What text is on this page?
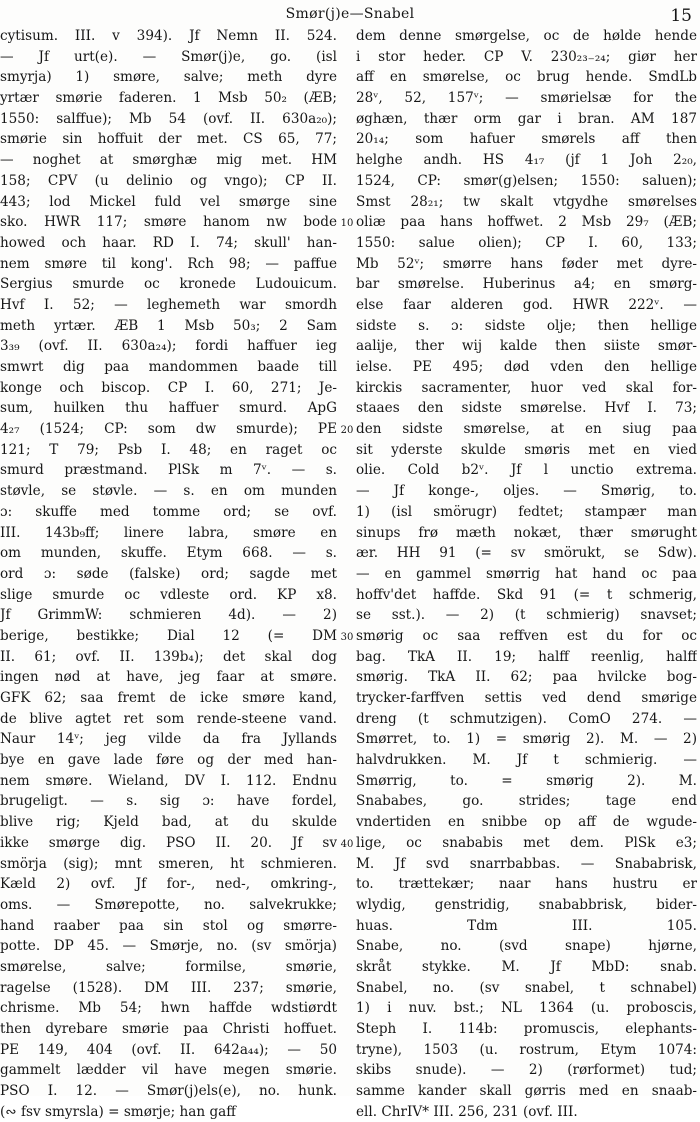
Smør(j)e—Snabel	15
cytisum. III. v 394). Jf Nemn II. 524.
— Jf urt(e). — Smør(j)e, go. (isl
smyrja) 1) smøre, salve; meth dyre
yrtær smørie faderen. 1 Msb 50₂ (ÆB;
1550: salffue); Mb 54 (ovf. II. 630a₂₀);
smørie sin hoffuit der met. CS 65, 77;
— noghet at smørghæ mig met. HM
158; CPV (u delinio og vngo); CP II.
443; lod Mickel fuld vel smørge sine
sko. HWR 117; smøre hanom nw bode
howed och haar. RD I. 74; skull' han-
nem smøre til kong'. Rch 98; — paffue
Sergius smurde oc kronede Ludouicum.
Hvf I. 52; — leghemeth war smordh
meth yrtær. ÆB 1 Msb 50₃; 2 Sam
3₃₉ (ovf. II. 630a₂₄); fordi haffuer ieg
smwrt dig paa mandommen baade till
konge och biscop. CP I. 60, 271; Je-
sum, huilken thu haffuer smurd. ApG
4₂₇ (1524; CP: som dw smurde); PE
121; T 79; Psb I. 48; en raget oc
smurd præstmand. PlSk m 7ᵛ. — s.
støvle, se støvle. — s. en om munden
ɔ: skuffe med tomme ord; se ovf.
III. 143b₉ff; linere labra, smøre en
om munden, skuffe. Etym 668. — s.
ord ɔ: søde (falske) ord; sagde met
slige smurde oc vdleste ord. KP x8.
Jf GrimmW: schmieren 4d). — 2)
berige, bestikke; Dial 12 (= DM
II. 61; ovf. II. 139b₄); det skal dog
ingen nød at have, jeg faar at smøre.
GFK 62; saa fremt de icke smøre kand,
de blive agtet ret som rende-steene vand.
Naur 14ᵛ; jeg vilde da fra Jyllands
bye en gave lade føre og der med han-
nem smøre. Wieland, DV I. 112. Endnu
brugeligt. — s. sig ɔ: have fordel,
blive rig; Kjeld bad, at du skulde
ikke smørge dig. PSO II. 20. Jf sv
smörja (sig); mnt smeren, ht schmieren.
Kæld 2) ovf. Jf for-, ned-, omkring-,
oms. — Smørepotte, no. salvekrukke;
hand raaber paa sin stol og smørre-
potte. DP 45. — Smørje, no. (sv smörja)
smørelse, salve; formilse, smørie,
ragelse (1528). DM III. 237; smørie,
chrisme. Mb 54; hwn haffde wdstiørdt
then dyrebare smørie paa Christi hoffuet.
PE 149, 404 (ovf. II. 642a₄₄); — 50
gammelt lædder vil have megen smørie.
PSO I. 12. — Smør(j)els(e), no. hunk.
(∾ fsv smyrsla) = smørje; han gaff
10
20
30
40
dem denne smørgelse, oc de hølde hende
i stor heder. CP V. 230₂₃₋₂₄; giør her
aff en smørelse, oc brug hende. SmdLb
28ᵛ, 52, 157ᵛ; — smørielsæ for the
øghæn, thær orm gar i bran. AM 187
20₁₄; som hafuer smørels aff then
helghe andh. HS 4₁₇ (jf 1 Joh 2₂₀,
1524, CP: smør(g)elsen; 1550: saluen);
Smst 28₂₁; tw skalt vtgydhe smørelses
oliæ paa hans hoffwet. 2 Msb 29₇ (ÆB;
1550: salue olien); CP I. 60, 133;
Mb 52ᵛ; smørre hans føder met dyre-
bar smørelse. Huberinus a4; en smørg-
else faar alderen god. HWR 222ᵛ. —
sidste s. ɔ: sidste olje; then hellige
aalije, ther wij kalde then siiste smør-
ielse. PE 495; død vden den hellige
kirckis sacramenter, huor ved skal for-
staaes den sidste smørelse. Hvf I. 73;
den sidste smørelse, at en siug paa
sit yderste skulde smøris met en vied
olie. Cold b2ᵛ. Jf l unctio extrema.
— Jf konge-, oljes. — Smørig, to.
1) (isl smörugr) fedtet; stampær man
sinups frø mæth nokæt, thær smørught
ær. HH 91 (= sv smörukt, se Sdw).
— en gammel smørrig hat hand oc paa
hoffv'det haffde. Skd 91 (= t schmerig,
se sst.). — 2) (t schmierig) snavset;
smørig oc saa reffven est du for oc
bag. TkA II. 19; halff reenlig, halff
smørig. TkA II. 62; paa hvilcke bog-
trycker-farffven settis ved dend smørige
dreng (t schmutzigen). ComO 274. —
Smørret, to. 1) = smørig 2). M. — 2)
halvdrukken. M. Jf t schmierig. —
Smørrig, to. = smørig 2). M.
Snababes, go. strides; tage end
vndertiden en snibbe op aff de wgude-
lige, oc snababis met dem. PlSk e3;
M. Jf svd snarrbabbas. — Snababrisk,
to. trættekær; naar hans hustru er
wlydig, genstridig, snababbrisk, bider-
huas. Tdm III. 105.
Snabe, no. (svd snape) hjørne,
skråt stykke. M. Jf MbD: snab.
Snabel, no. (sv snabel, t schnabel)
1) i nuv. bst.; NL 1364 (u. proboscis,
Steph I. 114b: promuscis, elephants-
tryne), 1503 (u. rostrum, Etym 1074:
skibs snude). — 2) (rørformet) tud;
samme kander skall gørris med en snaab-
ell. ChrIV* III. 256, 231 (ovf. III.
